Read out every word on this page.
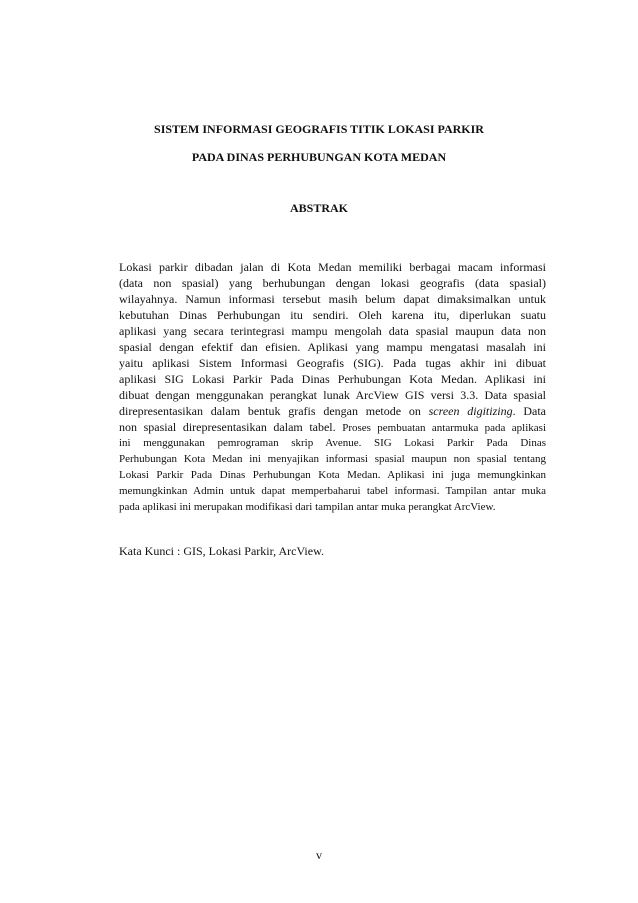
SISTEM INFORMASI GEOGRAFIS TITIK LOKASI PARKIR
PADA DINAS PERHUBUNGAN KOTA MEDAN
ABSTRAK
Lokasi parkir dibadan jalan di Kota Medan memiliki berbagai macam informasi
(data non spasial) yang berhubungan dengan lokasi geografis (data spasial)
wilayahnya. Namun informasi tersebut masih belum dapat dimaksimalkan untuk
kebutuhan Dinas Perhubungan itu sendiri. Oleh karena itu, diperlukan suatu
aplikasi yang secara terintegrasi mampu mengolah data spasial maupun data non
spasial dengan efektif dan efisien. Aplikasi yang mampu mengatasi masalah ini
yaitu aplikasi Sistem Informasi Geografis (SIG). Pada tugas akhir ini dibuat
aplikasi SIG Lokasi Parkir Pada Dinas Perhubungan Kota Medan. Aplikasi ini
dibuat dengan menggunakan perangkat lunak ArcView GIS versi 3.3. Data spasial
direpresentasikan dalam bentuk grafis dengan metode on screen digitizing. Data
non spasial direpresentasikan dalam tabel. Proses pembuatan antarmuka pada aplikasi
ini menggunakan pemrograman skrip Avenue. SIG Lokasi Parkir Pada Dinas
Perhubungan Kota Medan ini menyajikan informasi spasial maupun non spasial tentang
Lokasi Parkir Pada Dinas Perhubungan Kota Medan. Aplikasi ini juga memungkinkan
memungkinkan Admin untuk dapat memperbaharui tabel informasi. Tampilan antar muka
pada aplikasi ini merupakan modifikasi dari tampilan antar muka perangkat ArcView.
Kata Kunci : GIS, Lokasi Parkir, ArcView.
v
